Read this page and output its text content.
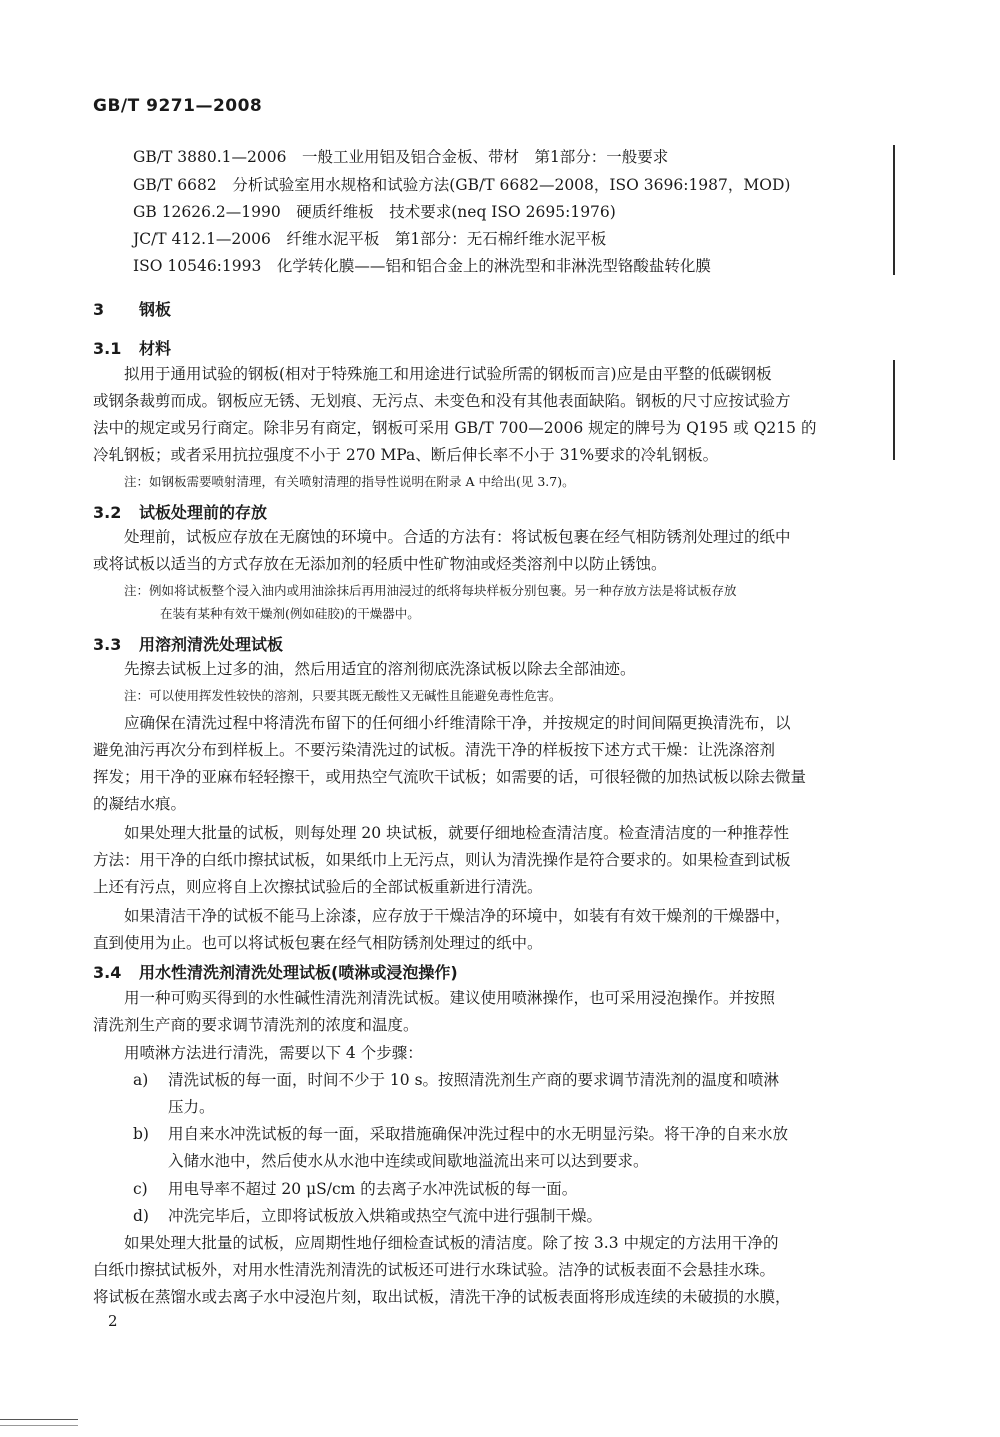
GB/T 9271—2008
GB/T 3880.1—2006　一般工业用铝及铝合金板、带材　第1部分：一般要求
GB/T 6682　分析试验室用水规格和试验方法(GB/T 6682—2008，ISO 3696:1987，MOD)
GB 12626.2—1990　硬质纤维板　技术要求(neq ISO 2695:1976)
JC/T 412.1—2006　纤维水泥平板　第1部分：无石棉纤维水泥平板
ISO 10546:1993　化学转化膜——铝和铝合金上的淋洗型和非淋洗型铬酸盐转化膜
3 钢板
3.1 材料
拟用于通用试验的钢板(相对于特殊施工和用途进行试验所需的钢板而言)应是由平整的低碳钢板
或钢条裁剪而成。钢板应无锈、无划痕、无污点、未变色和没有其他表面缺陷。钢板的尺寸应按试验方
法中的规定或另行商定。除非另有商定，钢板可采用 GB/T 700—2006 规定的牌号为 Q195 或 Q215 的
冷轧钢板；或者采用抗拉强度不小于 270 MPa、断后伸长率不小于 31%要求的冷轧钢板。
注：如钢板需要喷射清理，有关喷射清理的指导性说明在附录 A 中给出(见 3.7)。
3.2 试板处理前的存放
处理前，试板应存放在无腐蚀的环境中。合适的方法有：将试板包裹在经气相防锈剂处理过的纸中
或将试板以适当的方式存放在无添加剂的轻质中性矿物油或烃类溶剂中以防止锈蚀。
注：例如将试板整个浸入油内或用油涂抹后再用油浸过的纸将每块样板分别包裹。另一种存放方法是将试板存放
在装有某种有效干燥剂(例如硅胶)的干燥器中。
3.3 用溶剂清洗处理试板
先擦去试板上过多的油，然后用适宜的溶剂彻底洗涤试板以除去全部油迹。
注：可以使用挥发性较快的溶剂，只要其既无酸性又无碱性且能避免毒性危害。
应确保在清洗过程中将清洗布留下的任何细小纤维清除干净，并按规定的时间间隔更换清洗布，以
避免油污再次分布到样板上。不要污染清洗过的试板。清洗干净的样板按下述方式干燥：让洗涤溶剂
挥发；用干净的亚麻布轻轻擦干，或用热空气流吹干试板；如需要的话，可很轻微的加热试板以除去微量
的凝结水痕。
如果处理大批量的试板，则每处理 20 块试板，就要仔细地检查清洁度。检查清洁度的一种推荐性
方法：用干净的白纸巾擦拭试板，如果纸巾上无污点，则认为清洗操作是符合要求的。如果检查到试板
上还有污点，则应将自上次擦拭试验后的全部试板重新进行清洗。
如果清洁干净的试板不能马上涂漆，应存放于干燥洁净的环境中，如装有有效干燥剂的干燥器中，
直到使用为止。也可以将试板包裹在经气相防锈剂处理过的纸中。
3.4 用水性清洗剂清洗处理试板(喷淋或浸泡操作)
用一种可购买得到的水性碱性清洗剂清洗试板。建议使用喷淋操作，也可采用浸泡操作。并按照
清洗剂生产商的要求调节清洗剂的浓度和温度。
用喷淋方法进行清洗，需要以下 4 个步骤：
a) 清洗试板的每一面，时间不少于 10 s。按照清洗剂生产商的要求调节清洗剂的温度和喷淋
压力。
b) 用自来水冲洗试板的每一面，采取措施确保冲洗过程中的水无明显污染。将干净的自来水放
入储水池中，然后使水从水池中连续或间歇地溢流出来可以达到要求。
c) 用电导率不超过 20 μS/cm 的去离子水冲洗试板的每一面。
d) 冲洗完毕后，立即将试板放入烘箱或热空气流中进行强制干燥。
如果处理大批量的试板，应周期性地仔细检查试板的清洁度。除了按 3.3 中规定的方法用干净的
白纸巾擦拭试板外，对用水性清洗剂清洗的试板还可进行水珠试验。洁净的试板表面不会悬挂水珠。
将试板在蒸馏水或去离子水中浸泡片刻，取出试板，清洗干净的试板表面将形成连续的未破损的水膜，
2
